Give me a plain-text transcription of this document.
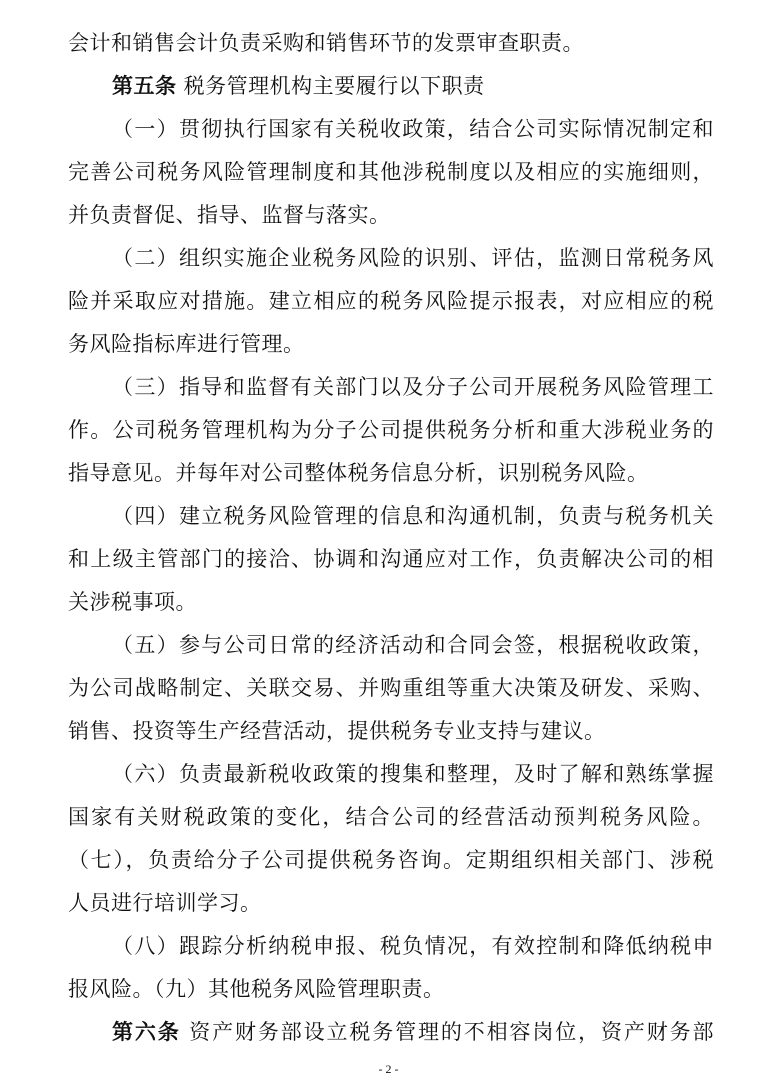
会计和销售会计负责采购和销售环节的发票审查职责。
第五条 税务管理机构主要履行以下职责
（一）贯彻执行国家有关税收政策，结合公司实际情况制定和
完善公司税务风险管理制度和其他涉税制度以及相应的实施细则，
并负责督促、指导、监督与落实。
（二）组织实施企业税务风险的识别、评估，监测日常税务风
险并采取应对措施。建立相应的税务风险提示报表，对应相应的税
务风险指标库进行管理。
（三）指导和监督有关部门以及分子公司开展税务风险管理工
作。公司税务管理机构为分子公司提供税务分析和重大涉税业务的
指导意见。并每年对公司整体税务信息分析，识别税务风险。
（四）建立税务风险管理的信息和沟通机制，负责与税务机关
和上级主管部门的接洽、协调和沟通应对工作，负责解决公司的相
关涉税事项。
（五）参与公司日常的经济活动和合同会签，根据税收政策，
为公司战略制定、关联交易、并购重组等重大决策及研发、采购、
销售、投资等生产经营活动，提供税务专业支持与建议。
（六）负责最新税收政策的搜集和整理，及时了解和熟练掌握
国家有关财税政策的变化，结合公司的经营活动预判税务风险。
（七），负责给分子公司提供税务咨询。定期组织相关部门、涉税
人员进行培训学习。
（八）跟踪分析纳税申报、税负情况，有效控制和降低纳税申
报风险。（九）其他税务风险管理职责。
第六条 资产财务部设立税务管理的不相容岗位，资产财务部
- 2 -
